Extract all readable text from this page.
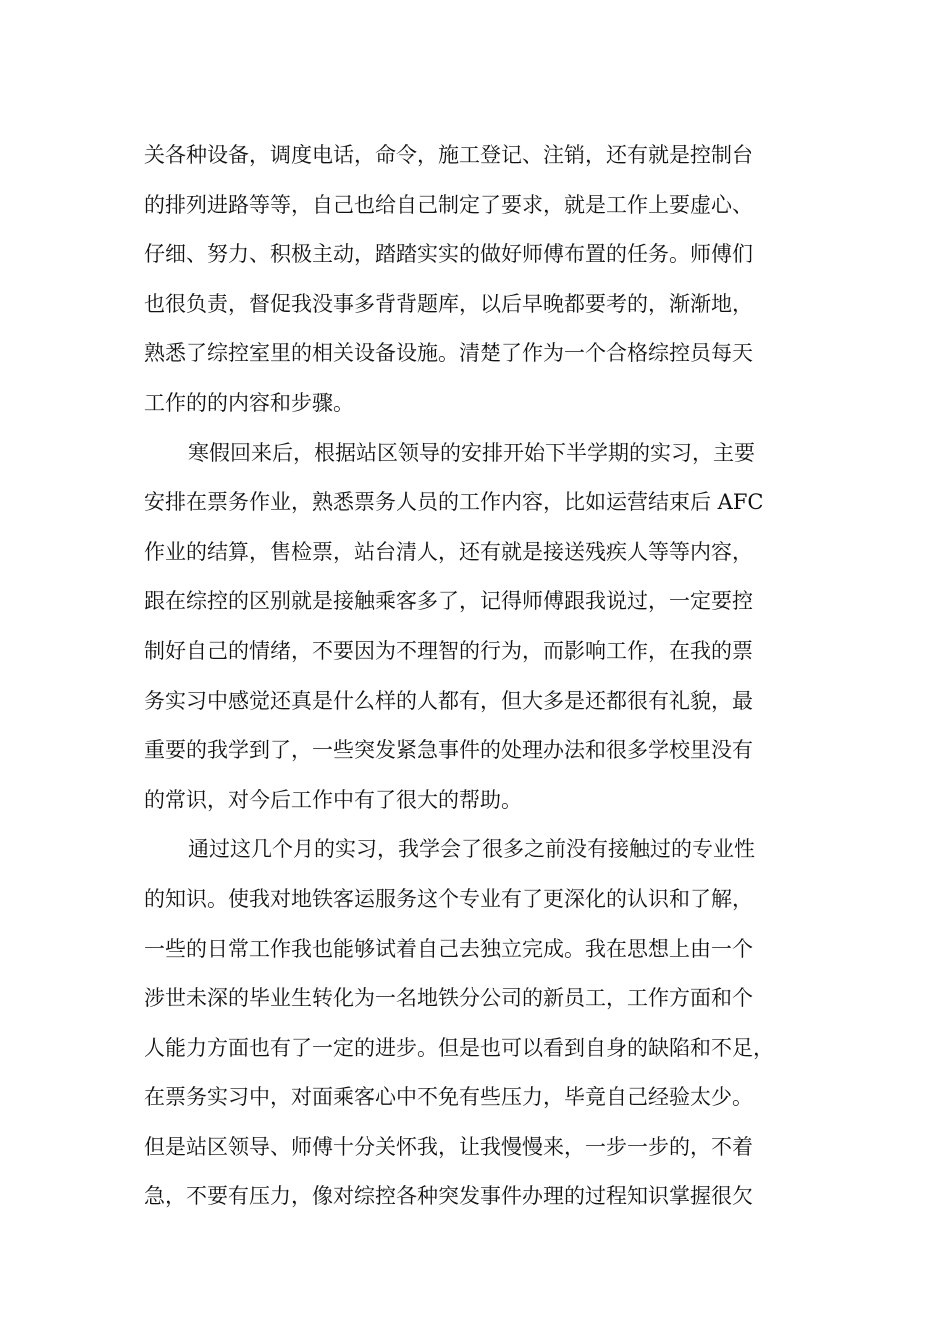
关各种设备，调度电话，命令，施工登记、注销，还有就是控制台
的排列进路等等，自己也给自己制定了要求，就是工作上要虚心、
仔细、努力、积极主动，踏踏实实的做好师傅布置的任务。师傅们
也很负责，督促我没事多背背题库，以后早晚都要考的，渐渐地，
熟悉了综控室里的相关设备设施。清楚了作为一个合格综控员每天
工作的的内容和步骤。
寒假回来后，根据站区领导的安排开始下半学期的实习，主要
安排在票务作业，熟悉票务人员的工作内容，比如运营结束后 AFC
作业的结算，售检票，站台清人，还有就是接送残疾人等等内容，
跟在综控的区别就是接触乘客多了，记得师傅跟我说过，一定要控
制好自己的情绪，不要因为不理智的行为，而影响工作，在我的票
务实习中感觉还真是什么样的人都有，但大多是还都很有礼貌，最
重要的我学到了，一些突发紧急事件的处理办法和很多学校里没有
的常识，对今后工作中有了很大的帮助。
通过这几个月的实习，我学会了很多之前没有接触过的专业性
的知识。使我对地铁客运服务这个专业有了更深化的认识和了解，
一些的日常工作我也能够试着自己去独立完成。我在思想上由一个
涉世未深的毕业生转化为一名地铁分公司的新员工，工作方面和个
人能力方面也有了一定的进步。但是也可以看到自身的缺陷和不足，
在票务实习中，对面乘客心中不免有些压力，毕竟自己经验太少。
但是站区领导、师傅十分关怀我，让我慢慢来，一步一步的，不着
急，不要有压力，像对综控各种突发事件办理的过程知识掌握很欠
